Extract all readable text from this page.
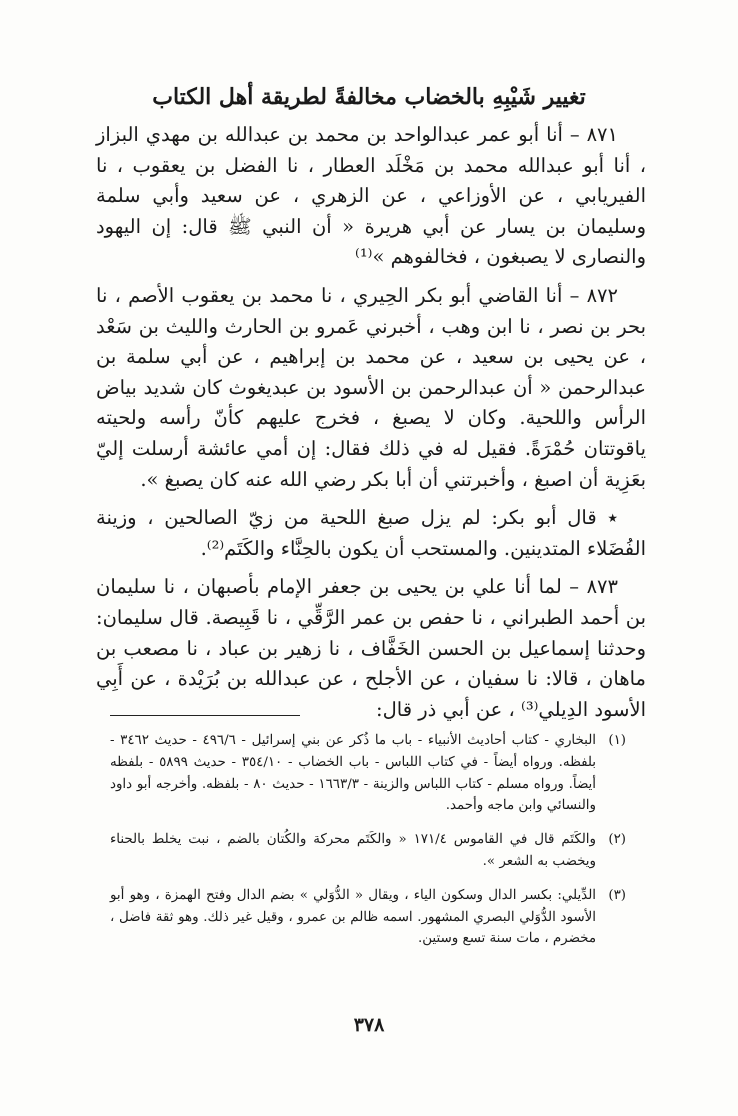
تغيير شَيْبِهِ بالخضاب مخالفةً لطريقة أهل الكتاب

٨٧١ – أنا أبو عمر عبدالواحد بن محمد بن عبدالله بن مهدي البزاز ، أنا أبو عبدالله محمد بن مَخْلَد العطار ، نا الفضل بن يعقوب ، نا الفيريابي ، عن الأوزاعي ، عن الزهري ، عن سعيد وأبي سلمة وسليمان بن يسار عن أبي هريرة « أن النبي ﷺ قال: إن اليهود والنصارى لا يصبغون ، فخالفوهم »⁽¹⁾

٨٧٢ – أنا القاضي أبو بكر الحِيري ، نا محمد بن يعقوب الأصم ، نا بحر بن نصر ، نا ابن وهب ، أخبرني عَمرو بن الحارث والليث بن سَعْد ، عن يحيى بن سعيد ، عن محمد بن إبراهيم ، عن أبي سلمة بن عبدالرحمن « أن عبدالرحمن بن الأسود بن عبديغوث كان شديد بياض الرأس واللحية. وكان لا يصبغ ، فخرج عليهم كأنّ رأسه ولحيته ياقوتتان حُمْرَةً. فقيل له في ذلك فقال: إن أمي عائشة أرسلت إليّ بعَزِية أن اصبغ ، وأخبرتني أن أبا بكر رضي الله عنه كان يصبغ ».

٭ قال أبو بكر: لم يزل صبغ اللحية من زيّ الصالحين ، وزينة الفُضَلاء المتدينين. والمستحب أن يكون بالحِنَّاء والكَتَم⁽²⁾.

٨٧٣ – لما أنا علي بن يحيى بن جعفر الإمام بأصبهان ، نا سليمان بن أحمد الطبراني ، نا حفص بن عمر الرَّقِّي ، نا قَبِيصة. قال سليمان: وحدثنا إسماعيل بن الحسن الخَفَّاف ، نا زهير بن عباد ، نا مصعب بن ماهان ، قالا: نا سفيان ، عن الأجلح ، عن عبدالله بن بُرَيْدة ، عن أَبِي الأسود الدِيلي⁽³⁾ ، عن أبي ذر قال:

(١)
البخاري - كتاب أحاديث الأنبياء - باب ما ذُكر عن بني إسرائيل - ٤٩٦/٦ - حديث ٣٤٦٢ - بلفظه. ورواه أيضاً - في كتاب اللباس - باب الخضاب - ٣٥٤/١٠ - حديث ٥٨٩٩ - بلفظه أيضاً. ورواه مسلم - كتاب اللباس والزينة - ١٦٦٣/٣ - حديث ٨٠ - بلفظه. وأخرجه أبو داود والنسائي وابن ماجه وأحمد.
(٢)
والكَتَم قال في القاموس ١٧١/٤ « والكَتَم محركة والكُتان بالضم ، نبت يخلط بالحناء ويخضب به الشعر ».
(٣)
الدِّيلي: بكسر الدال وسكون الياء ، ويقال « الدُّوَلي » بضم الدال وفتح الهمزة ، وهو أبو الأسود الدُّوَلي البصري المشهور. اسمه ظالم بن عمرو ، وقيل غير ذلك. وهو ثقة فاضل ، مخضرم ، مات سنة تسع وستين.
٣٧٨
